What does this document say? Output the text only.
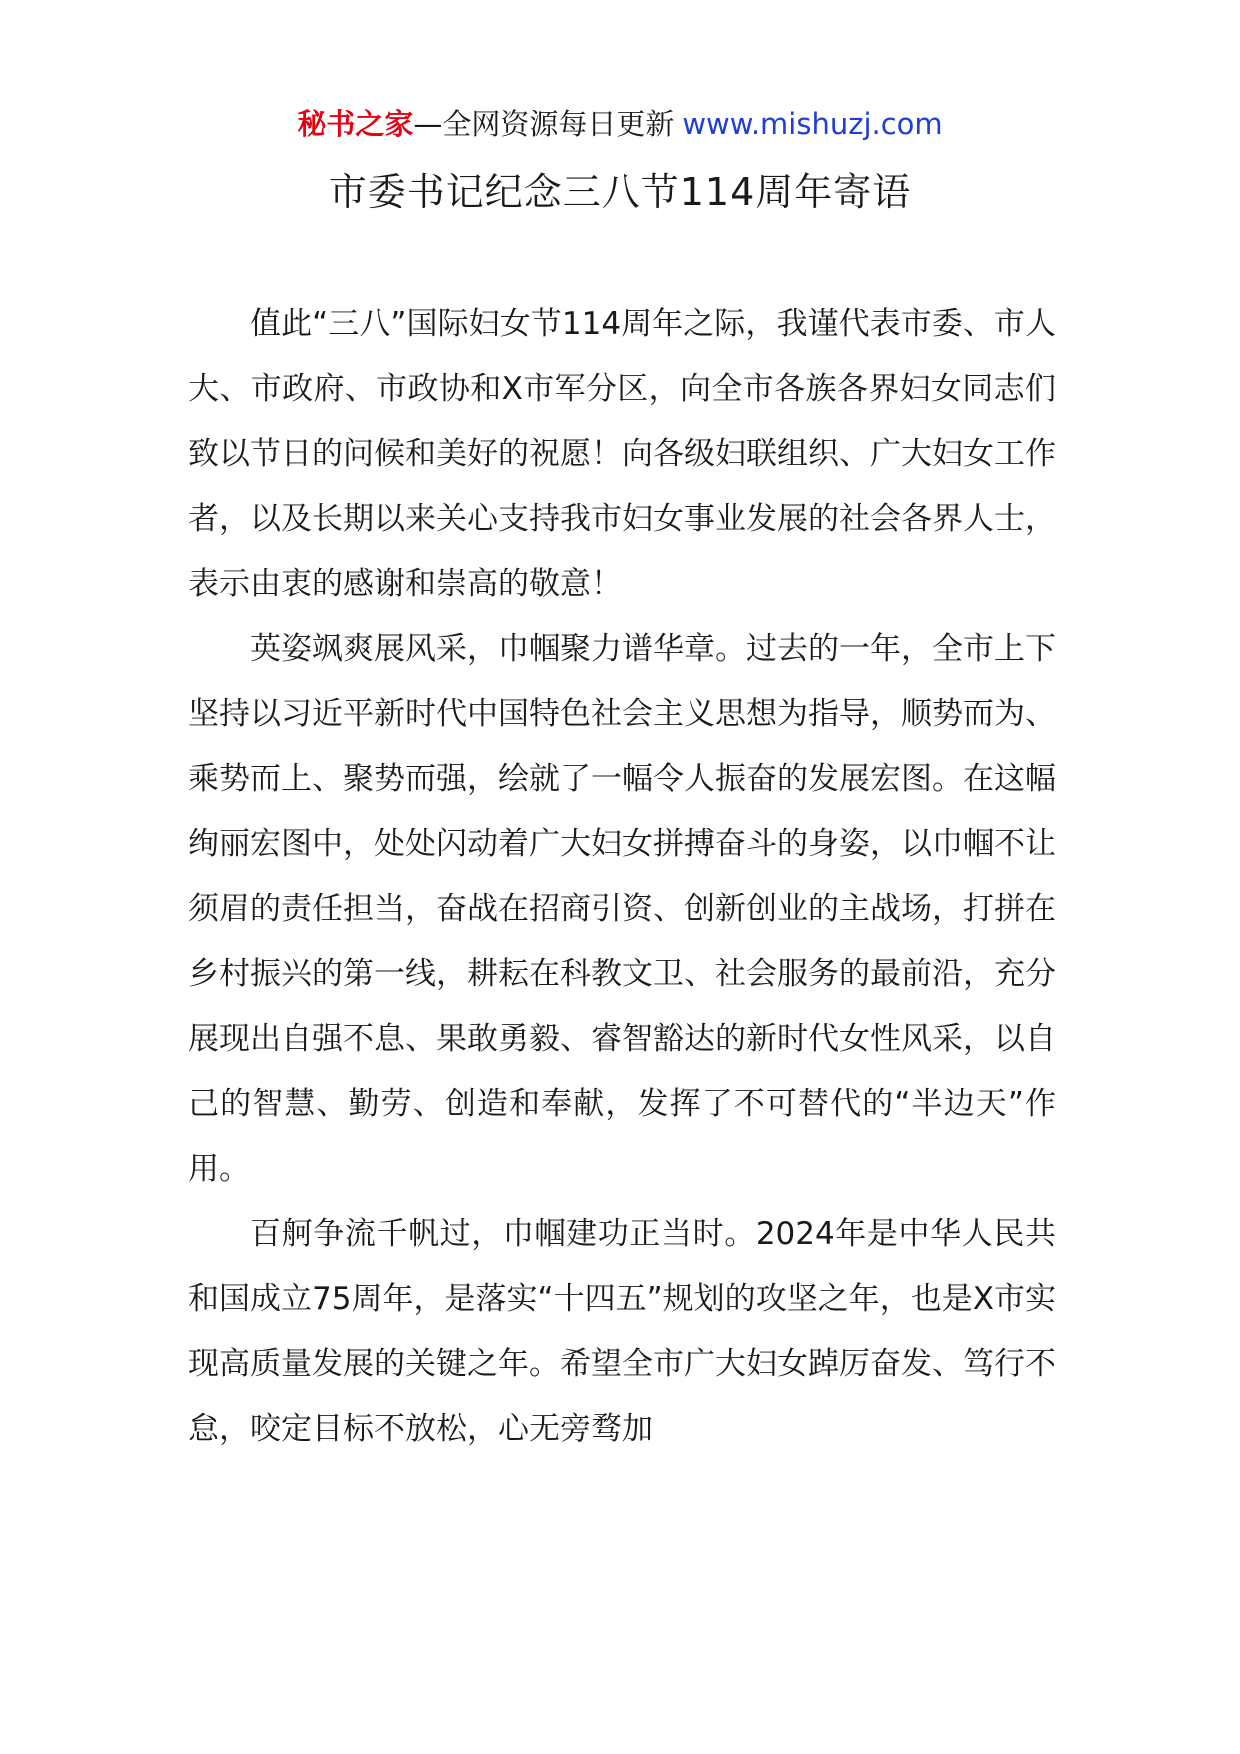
秘书之家—全网资源每日更新 www.mishuzj.com
市委书记纪念三八节114周年寄语

值此“三八”国际妇女节114周年之际，我谨代表市委、市人大、市政府、市政协和X市军分区，向全市各族各界妇女同志们致以节日的问候和美好的祝愿！向各级妇联组织、广大妇女工作者，以及长期以来关心支持我市妇女事业发展的社会各界人士，表示由衷的感谢和崇高的敬意！

英姿飒爽展风采，巾帼聚力谱华章。过去的一年，全市上下坚持以习近平新时代中国特色社会主义思想为指导，顺势而为、乘势而上、聚势而强，绘就了一幅令人振奋的发展宏图。在这幅绚丽宏图中，处处闪动着广大妇女拼搏奋斗的身姿，以巾帼不让须眉的责任担当，奋战在招商引资、创新创业的主战场，打拼在乡村振兴的第一线，耕耘在科教文卫、社会服务的最前沿，充分展现出自强不息、果敢勇毅、睿智豁达的新时代女性风采，以自己的智慧、勤劳、创造和奉献，发挥了不可替代的“半边天”作用。

百舸争流千帆过，巾帼建功正当时。2024年是中华人民共和国成立75周年，是落实“十四五”规划的攻坚之年，也是X市实现高质量发展的关键之年。希望全市广大妇女踔厉奋发、笃行不怠，咬定目标不放松，心无旁骛加
